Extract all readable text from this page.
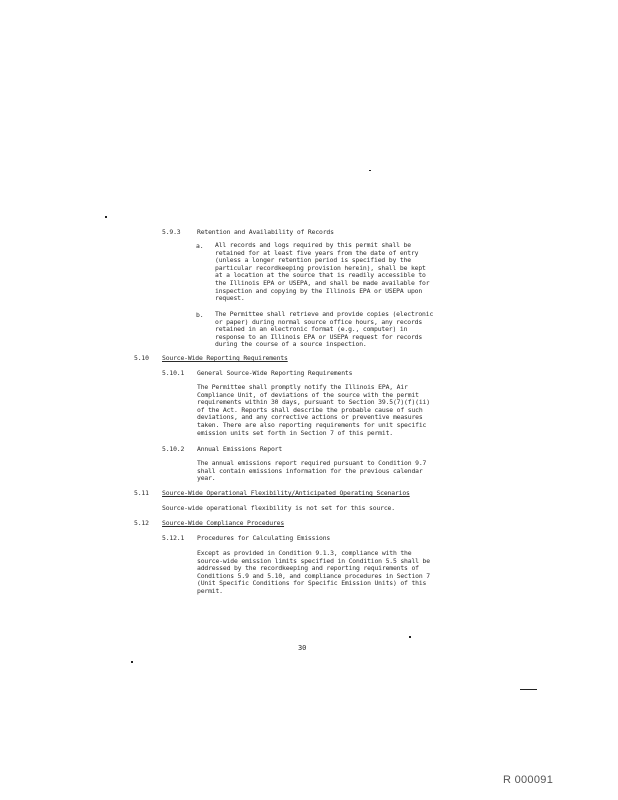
5.9.3	Retention and Availability of Records
a. All records and logs required by this permit shall be
retained for at least five years from the date of entry
(unless a longer retention period is specified by the
particular recordkeeping provision herein), shall be kept
at a location at the source that is readily accessible to
the Illinois EPA or USEPA, and shall be made available for
inspection and copying by the Illinois EPA or USEPA upon
request.
b. The Permittee shall retrieve and provide copies (electronic
or paper) during normal source office hours, any records
retained in an electronic format (e.g., computer) in
response to an Illinois EPA or USEPA request for records
during the course of a source inspection.
5.10 Source-Wide Reporting Requirements
5.10.1 General Source-Wide Reporting Requirements
The Permittee shall promptly notify the Illinois EPA, Air
Compliance Unit, of deviations of the source with the permit
requirements within 30 days, pursuant to Section 39.5(7)(f)(ii)
of the Act. Reports shall describe the probable cause of such
deviations, and any corrective actions or preventive measures
taken. There are also reporting requirements for unit specific
emission units set forth in Section 7 of this permit.
5.10.2 Annual Emissions Report
The annual emissions report required pursuant to Condition 9.7
shall contain emissions information for the previous calendar
year.
5.11 Source-Wide Operational Flexibility/Anticipated Operating Scenarios
Source-wide operational flexibility is not set for this source.
5.12 Source-Wide Compliance Procedures
5.12.1 Procedures for Calculating Emissions
Except as provided in Condition 9.1.3, compliance with the
source-wide emission limits specified in Condition 5.5 shall be
addressed by the recordkeeping and reporting requirements of
Conditions 5.9 and 5.10, and compliance procedures in Section 7
(Unit Specific Conditions for Specific Emission Units) of this
permit.
30
R 000091
